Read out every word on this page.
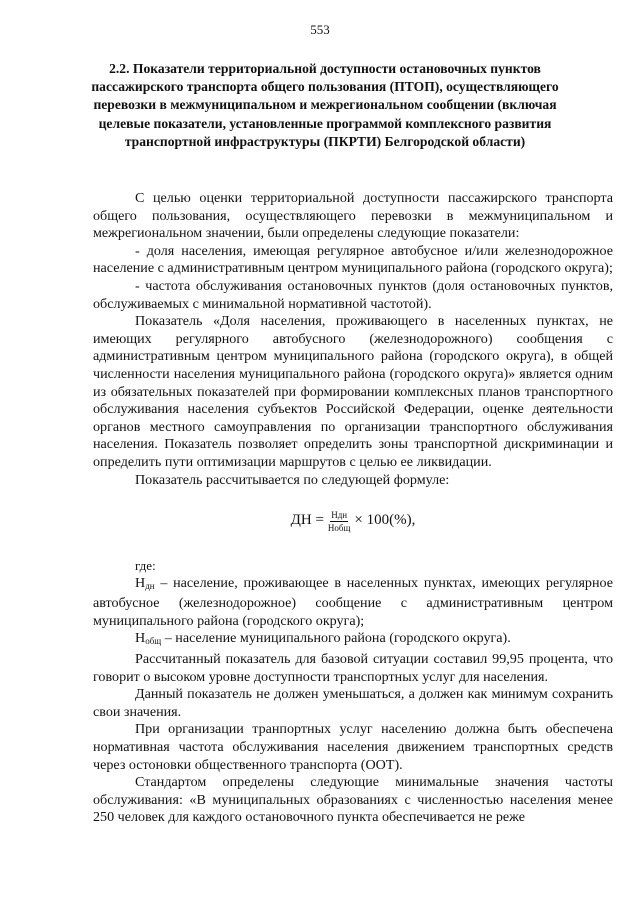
553
2.2. Показатели территориальной доступности остановочных пунктов пассажирского транспорта общего пользования (ПТОП), осуществляющего перевозки в межмуниципальном и межрегиональном сообщении (включая целевые показатели, установленные программой комплексного развития транспортной инфраструктуры (ПКРТИ) Белгородской области)

С целью оценки территориальной доступности пассажирского транспорта общего пользования, осуществляющего перевозки в межмуниципальном и межрегиональном значении, были определены следующие показатели:

- доля населения, имеющая регулярное автобусное и/или железнодорожное население с административным центром муниципального района (городского округа);

- частота обслуживания остановочных пунктов (доля остановочных пунктов, обслуживаемых с минимальной нормативной частотой).

Показатель «Доля населения, проживающего в населенных пунктах, не имеющих регулярного автобусного (железнодорожного) сообщения с административным центром муниципального района (городского округа), в общей численности населения муниципального района (городского округа)» является одним из обязательных показателей при формировании комплексных планов транспортного обслуживания населения субъектов Российской Федерации, оценке деятельности органов местного самоуправления по организации транспортного обслуживания населения. Показатель позволяет определить зоны транспортной дискриминации и определить пути оптимизации маршрутов с целью ее ликвидации.

Показатель рассчитывается по следующей формуле:

ДН = $\frac{\text{Ндн}}{\text{Нобщ}} \times 100(\%)$,

где:

$Н_{дн}$ – население, проживающее в населенных пунктах, имеющих регулярное автобусное (железнодорожное) сообщение с административным центром муниципального района (городского округа);

$Н_{общ}$ – население муниципального района (городского округа).

Рассчитанный показатель для базовой ситуации составил 99,95 процента, что говорит о высоком уровне доступности транспортных услуг для населения.

Данный показатель не должен уменьшаться, а должен как минимум сохранить свои значения.

При организации транпортных услуг населению должна быть обеспечена нормативная частота обслуживания населения движением транспортных средств через остоновки общественного транспорта (ООТ).

Стандартом определены следующие минимальные значения частоты обслуживания: «В муниципальных образованиях с численностью населения менее 250 человек для каждого остановочного пункта обеспечивается не реже
